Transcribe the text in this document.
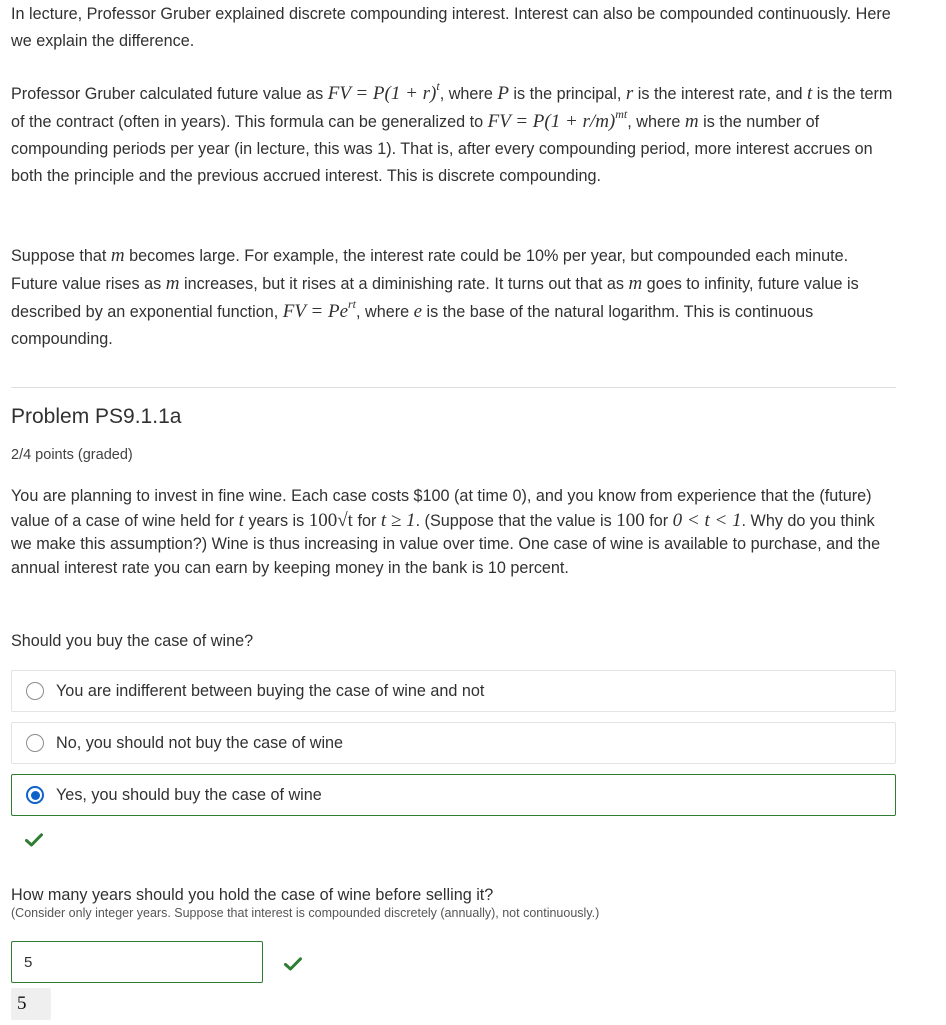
In lecture, Professor Gruber explained discrete compounding interest. Interest can also be compounded continuously. Here we explain the difference.

Professor Gruber calculated future value as FV = $P(1 + r)^t$, where P is the principal, r is the interest rate, and t is the term of the contract (often in years). This formula can be generalized to FV = $P(1 + r/m)^{mt}$, where m is the number of compounding periods per year (in lecture, this was 1). That is, after every compounding period, more interest accrues on both the principle and the previous accrued interest. This is discrete compounding.

Suppose that m becomes large. For example, the interest rate could be 10% per year, but compounded each minute. Future value rises as m increases, but it rises at a diminishing rate. It turns out that as m goes to infinity, future value is described by an exponential function, FV = $Pe^{rt}$, where e is the base of the natural logarithm. This is continuous compounding.

Problem PS9.1.1a
2/4 points (graded)

You are planning to invest in fine wine. Each case costs $100 (at time 0), and you know from experience that the (future) value of a case of wine held for t years is 100√t for t ≥ 1. (Suppose that the value is 100 for 0 < t < 1. Why do you think we make this assumption?) Wine is thus increasing in value over time. One case of wine is available to purchase, and the annual interest rate you can earn by keeping money in the bank is 10 percent.

Should you buy the case of wine?

You are indifferent between buying the case of wine and not
No, you should not buy the case of wine
Yes, you should buy the case of wine

How many years should you hold the case of wine before selling it?

(Consider only integer years. Suppose that interest is compounded discretely (annually), not continuously.)
5
5
